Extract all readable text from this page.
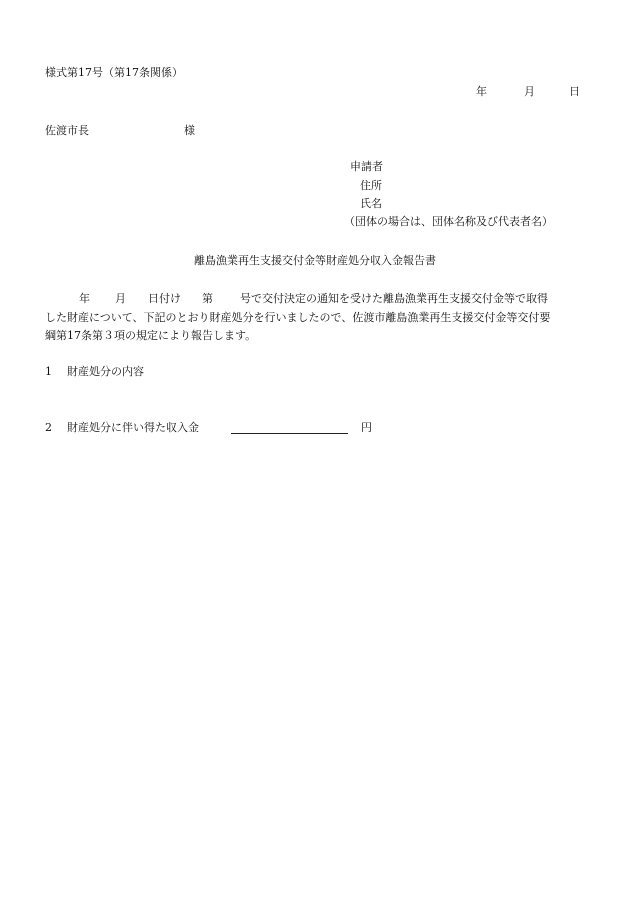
様式第17号（第17条関係）
年	月	日
佐渡市長	様
申請者
住所
氏名
（団体の場合は、団体名称及び代表者名）
離島漁業再生支援交付金等財産処分収入金報告書
年 月 日付け 第 号で交付決定の通知を受けた離島漁業再生支援交付金等で取得
した財産について、下記のとおり財産処分を行いましたので、佐渡市離島漁業再生支援交付金等交付要
綱第17条第３項の規定により報告します。
1 財産処分の内容
2 財産処分に伴い得た収入金	円
